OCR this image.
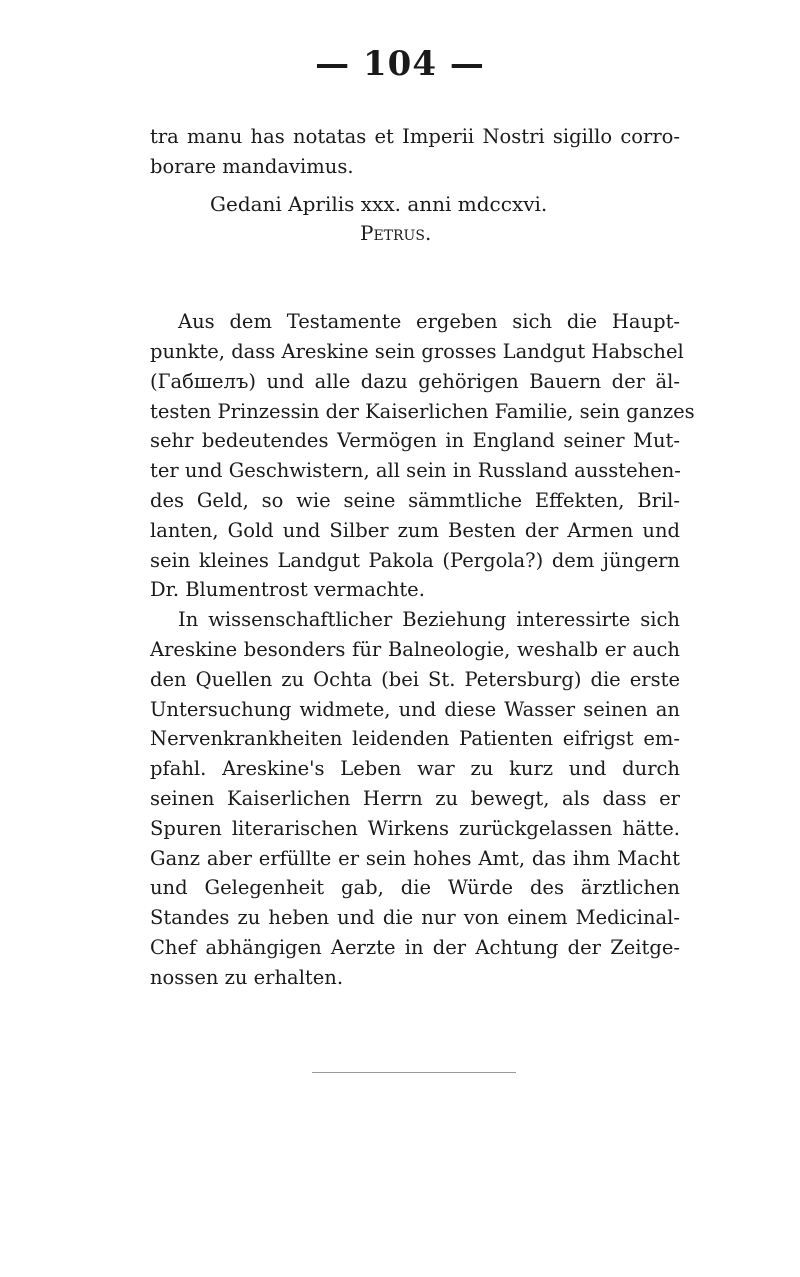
— 104 —
tra manu has notatas et Imperii Nostri sigillo corro-
borare mandavimus.
Gedani Aprilis xxx. anni mdccxvi.
Petrus.

Aus dem Testamente ergeben sich die Haupt-
punkte, dass Areskine sein grosses Landgut Habschel
(Габшелъ) und alle dazu gehörigen Bauern der äl-
testen Prinzessin der Kaiserlichen Familie, sein ganzes
sehr bedeutendes Vermögen in England seiner Mut-
ter und Geschwistern, all sein in Russland ausstehen-
des Geld, so wie seine sämmtliche Effekten, Bril-
lanten, Gold und Silber zum Besten der Armen und
sein kleines Landgut Pakola (Pergola?) dem jüngern
Dr. Blumentrost vermachte.

In wissenschaftlicher Beziehung interessirte sich
Areskine besonders für Balneologie, weshalb er auch
den Quellen zu Ochta (bei St. Petersburg) die erste
Untersuchung widmete, und diese Wasser seinen an
Nervenkrankheiten leidenden Patienten eifrigst em-
pfahl. Areskine's Leben war zu kurz und durch
seinen Kaiserlichen Herrn zu bewegt, als dass er
Spuren literarischen Wirkens zurückgelassen hätte.
Ganz aber erfüllte er sein hohes Amt, das ihm Macht
und Gelegenheit gab, die Würde des ärztlichen
Standes zu heben und die nur von einem Medicinal-
Chef abhängigen Aerzte in der Achtung der Zeitge-
nossen zu erhalten.
